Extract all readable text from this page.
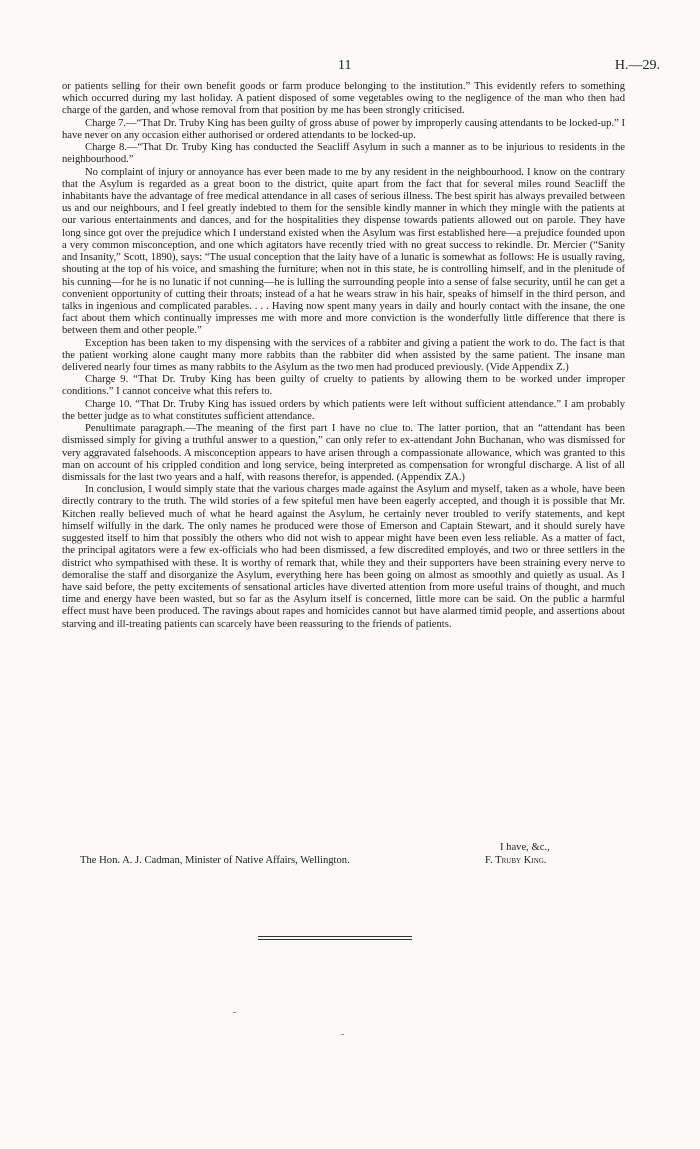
11	H.—29.

or patients selling for their own benefit goods or farm produce belonging to the institution.” This evidently refers to something which occurred during my last holiday. A patient disposed of some vegetables owing to the negligence of the man who then had charge of the garden, and whose removal from that position by me has been strongly criticised.

Charge 7.—“That Dr. Truby King has been guilty of gross abuse of power by improperly causing attendants to be locked-up.” I have never on any occasion either authorised or ordered attendants to be locked-up.

Charge 8.—“That Dr. Truby King has conducted the Seacliff Asylum in such a manner as to be injurious to residents in the neighbourhood.”

No complaint of injury or annoyance has ever been made to me by any resident in the neighbourhood. I know on the contrary that the Asylum is regarded as a great boon to the district, quite apart from the fact that for several miles round Seacliff the inhabitants have the advantage of free medical attendance in all cases of serious illness. The best spirit has always prevailed between us and our neighbours, and I feel greatly indebted to them for the sensible kindly manner in which they mingle with the patients at our various entertainments and dances, and for the hospitalities they dispense towards patients allowed out on parole. They have long since got over the prejudice which I understand existed when the Asylum was first established here—a prejudice founded upon a very common misconception, and one which agitators have recently tried with no great success to rekindle. Dr. Mercier (“Sanity and Insanity,” Scott, 1890), says: “The usual conception that the laity have of a lunatic is somewhat as follows: He is usually raving, shouting at the top of his voice, and smashing the furniture; when not in this state, he is controlling himself, and in the plenitude of his cunning—for he is no lunatic if not cunning—he is lulling the surrounding people into a sense of false security, until he can get a convenient opportunity of cutting their throats; instead of a hat he wears straw in his hair, speaks of himself in the third person, and talks in ingenious and complicated parables. . . . Having now spent many years in daily and hourly contact with the insane, the one fact about them which continually impresses me with more and more conviction is the wonderfully little difference that there is between them and other people.”

Exception has been taken to my dispensing with the services of a rabbiter and giving a patient the work to do. The fact is that the patient working alone caught many more rabbits than the rabbiter did when assisted by the same patient. The insane man delivered nearly four times as many rabbits to the Asylum as the two men had produced previously. (Vide Appendix Z.)

Charge 9. “That Dr. Truby King has been guilty of cruelty to patients by allowing them to be worked under improper conditions.” I cannot conceive what this refers to.

Charge 10. “That Dr. Truby King has issued orders by which patients were left without sufficient attendance.” I am probably the better judge as to what constitutes sufficient attendance.

Penultimate paragraph.—The meaning of the first part I have no clue to. The latter portion, that an “attendant has been dismissed simply for giving a truthful answer to a question,” can only refer to ex-attendant John Buchanan, who was dismissed for very aggravated falsehoods. A misconception appears to have arisen through a compassionate allowance, which was granted to this man on account of his crippled condition and long service, being interpreted as compensation for wrongful discharge. A list of all dismissals for the last two years and a half, with reasons therefor, is appended. (Appendix ZA.)

In conclusion, I would simply state that the various charges made against the Asylum and myself, taken as a whole, have been directly contrary to the truth. The wild stories of a few spiteful men have been eagerly accepted, and though it is possible that Mr. Kitchen really believed much of what he heard against the Asylum, he certainly never troubled to verify statements, and kept himself wilfully in the dark. The only names he produced were those of Emerson and Captain Stewart, and it should surely have suggested itself to him that possibly the others who did not wish to appear might have been even less reliable. As a matter of fact, the principal agitators were a few ex-officials who had been dismissed, a few discredited employés, and two or three settlers in the district who sympathised with these. It is worthy of remark that, while they and their supporters have been straining every nerve to demoralise the staff and disorganize the Asylum, everything here has been going on almost as smoothly and quietly as usual. As I have said before, the petty excitements of sensational articles have diverted attention from more useful trains of thought, and much time and energy have been wasted, but so far as the Asylum itself is concerned, little more can be said. On the public a harmful effect must have been produced. The ravings about rapes and homicides cannot but have alarmed timid people, and assertions about starving and ill-treating patients can scarcely have been reassuring to the friends of patients.

I have, &c.,
The Hon. A. J. Cadman, Minister of Native Affairs, Wellington.	F. Truby King.
